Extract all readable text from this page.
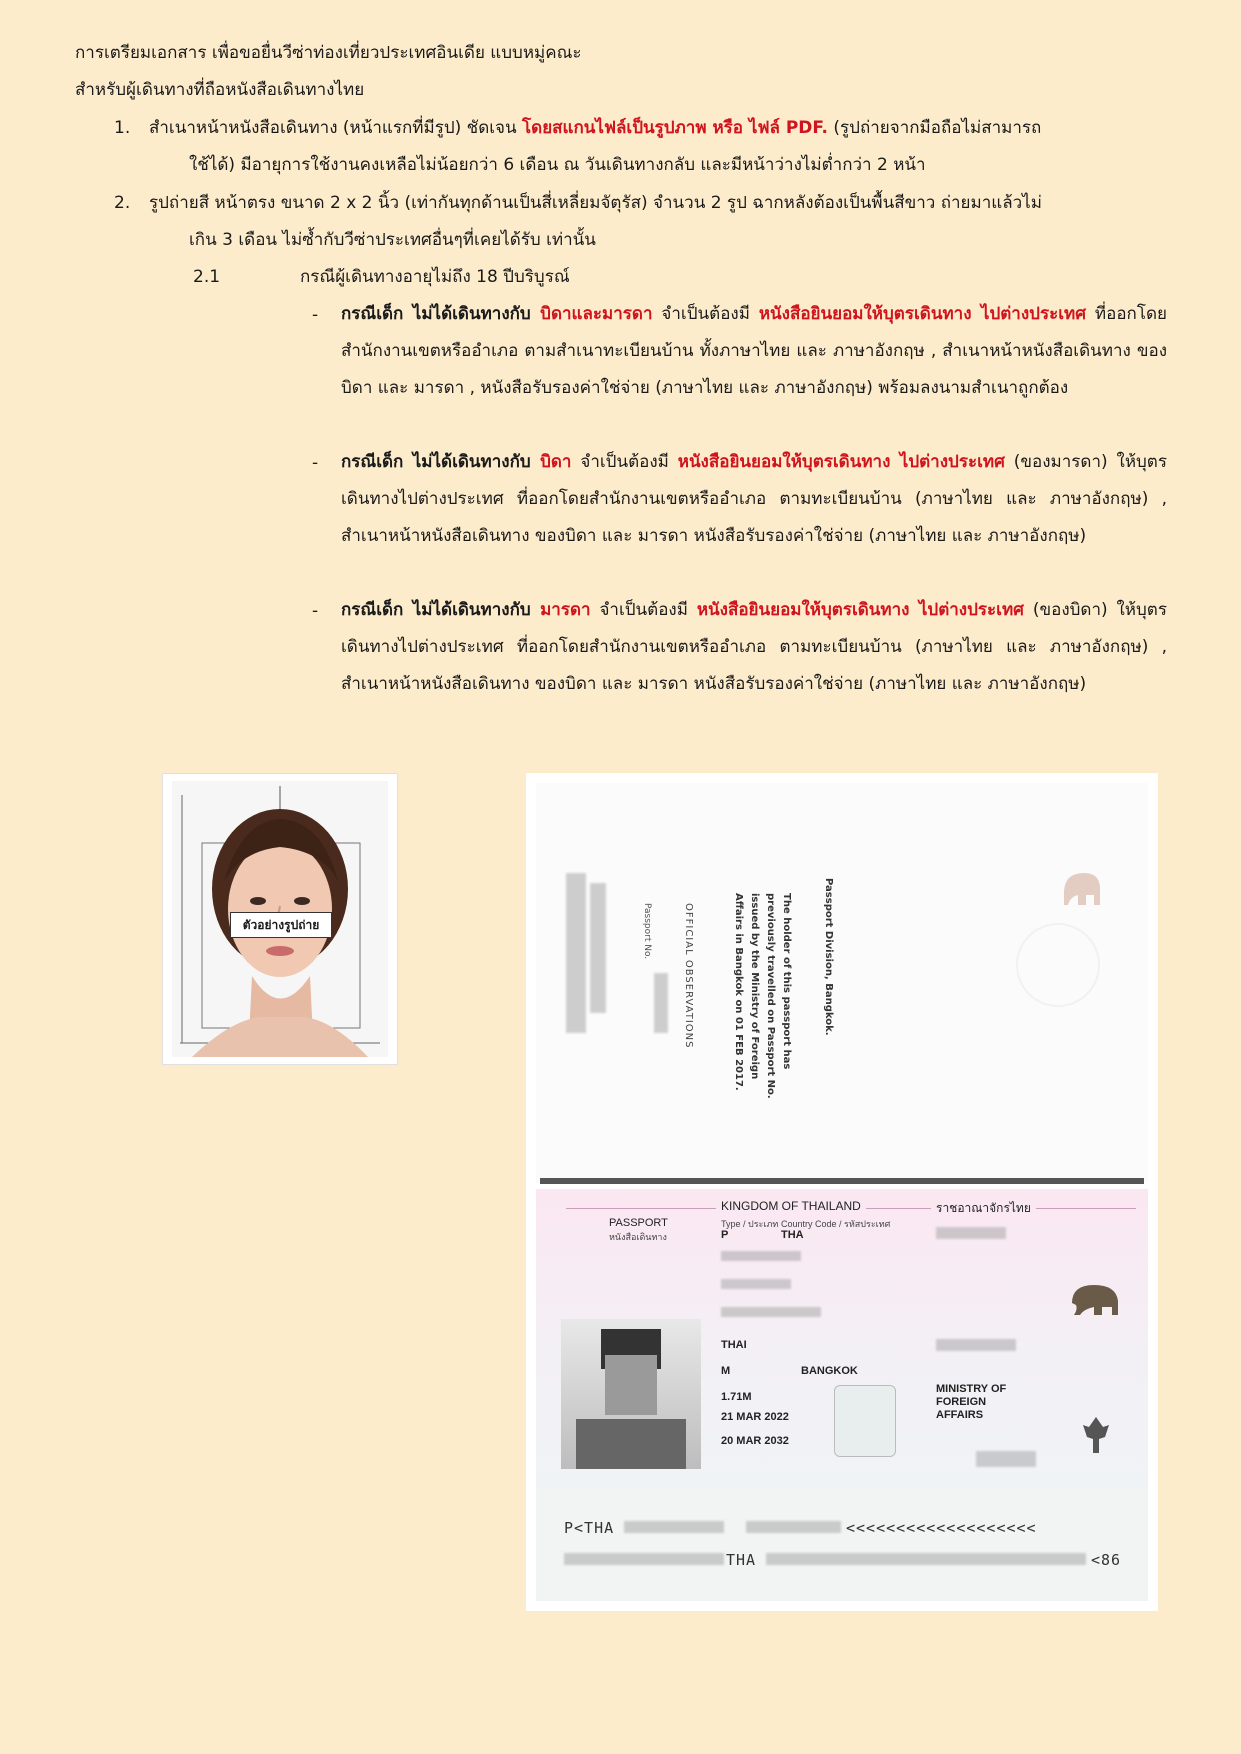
การเตรียมเอกสาร เพื่อขอยื่นวีซ่าท่องเที่ยวประเทศอินเดีย แบบหมู่คณะ
สำหรับผู้เดินทางที่ถือหนังสือเดินทางไทย
1. สำเนาหน้าหนังสือเดินทาง (หน้าแรกที่มีรูป) ชัดเจน โดยสแกนไฟล์เป็นรูปภาพ หรือ ไฟล์ PDF. (รูปถ่ายจากมือถือไม่สามารถ
ใช้ได้) มีอายุการใช้งานคงเหลือไม่น้อยกว่า 6 เดือน ณ วันเดินทางกลับ และมีหน้าว่างไม่ต่ำกว่า 2 หน้า
2. รูปถ่ายสี หน้าตรง ขนาด 2 x 2 นิ้ว (เท่ากันทุกด้านเป็นสี่เหลี่ยมจัตุรัส) จำนวน 2 รูป ฉากหลังต้องเป็นพื้นสีขาว ถ่ายมาแล้วไม่
เกิน 3 เดือน ไม่ซ้ำกับวีซ่าประเทศอื่นๆที่เคยได้รับ เท่านั้น
2.1	กรณีผู้เดินทางอายุไม่ถึง 18 ปีบริบูรณ์
- กรณีเด็ก ไม่ได้เดินทางกับ บิดาและมารดา จำเป็นต้องมี หนังสือยินยอมให้บุตรเดินทาง ไปต่างประเทศ ที่ออกโดยสำนักงานเขตหรืออำเภอ ตามสำเนาทะเบียนบ้าน ทั้งภาษาไทย และ ภาษาอังกฤษ , สำเนาหน้าหนังสือเดินทาง ของบิดา และ มารดา , หนังสือรับรองค่าใช่จ่าย (ภาษาไทย และ ภาษาอังกฤษ) พร้อมลงนามสำเนาถูกต้อง
- กรณีเด็ก ไม่ได้เดินทางกับ บิดา จำเป็นต้องมี หนังสือยินยอมให้บุตรเดินทาง ไปต่างประเทศ (ของมารดา) ให้บุตรเดินทางไปต่างประเทศ ที่ออกโดยสำนักงานเขตหรืออำเภอ ตามทะเบียนบ้าน (ภาษาไทย และ ภาษาอังกฤษ) , สำเนาหน้าหนังสือเดินทาง ของบิดา และ มารดา หนังสือรับรองค่าใช่จ่าย (ภาษาไทย และ ภาษาอังกฤษ)
- กรณีเด็ก ไม่ได้เดินทางกับ มารดา จำเป็นต้องมี หนังสือยินยอมให้บุตรเดินทาง ไปต่างประเทศ (ของบิดา) ให้บุตรเดินทางไปต่างประเทศ ที่ออกโดยสำนักงานเขตหรืออำเภอ ตามทะเบียนบ้าน (ภาษาไทย และ ภาษาอังกฤษ) , สำเนาหน้าหนังสือเดินทาง ของบิดา และ มารดา หนังสือรับรองค่าใช่จ่าย (ภาษาไทย และ ภาษาอังกฤษ)
ตัวอย่างรูปถ่าย	Passport No.	OFFICIAL OBSERVATIONS	The holder of this passport has previously travelled on Passport No. issued by the Ministry of Foreign Affairs in Bangkok on 01 FEB 2017.	Passport Division, Bangkok.
KINGDOM OF THAILAND	ราชอาณาจักรไทย
PASSPORT
หนังสือเดินทาง
Type / ประเภท
P
Country Code / รหัสประเทศ
THA
THAI
M	BANGKOK
1.71M
21 MAR 2022
20 MAR 2032
MINISTRY OF FOREIGN AFFAIRS
P<THA	<<<<<<<<<<<<<<<<<<<
THA	<86
